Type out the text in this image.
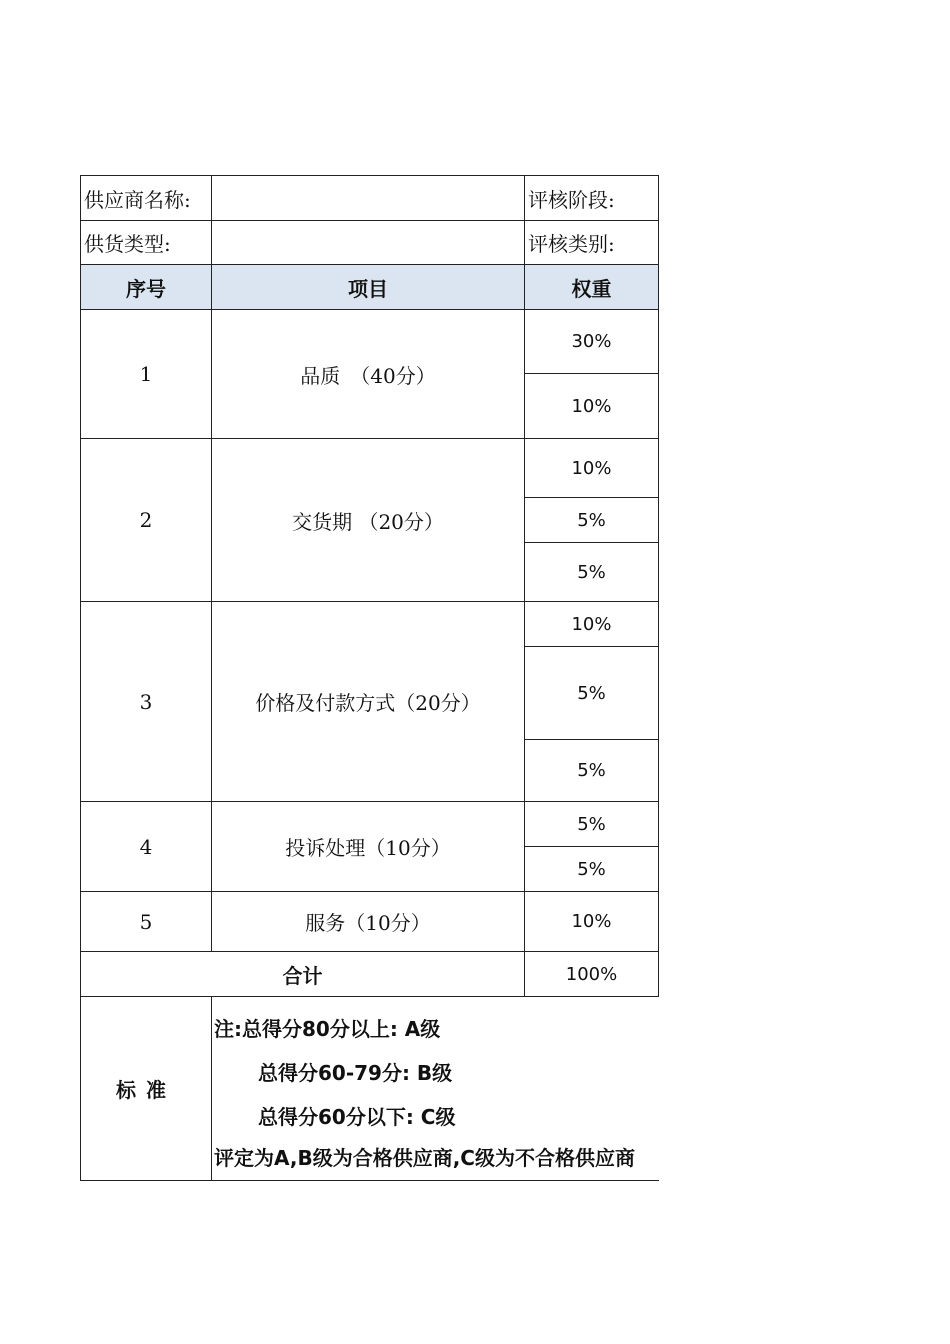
供应商名称:		评核阶段:	
供货类型:		评核类别:	
序号	项目	权重	
1	品质　（40分）	30%	
		10%	
2	交货期 （20分）	10%	
		5%	
		5%	
3	价格及付款方式（20分）	10%	
		5%	
		5%	
4	投诉处理（10分）	5%	
		5%	
5	服务（10分）	10%	
合计		100%	
标准	注:总得分80分以上: A级
总得分60-79分: B级
总得分60分以下: C级
评定为A,B级为合格供应商,C级为不合格供应商		
